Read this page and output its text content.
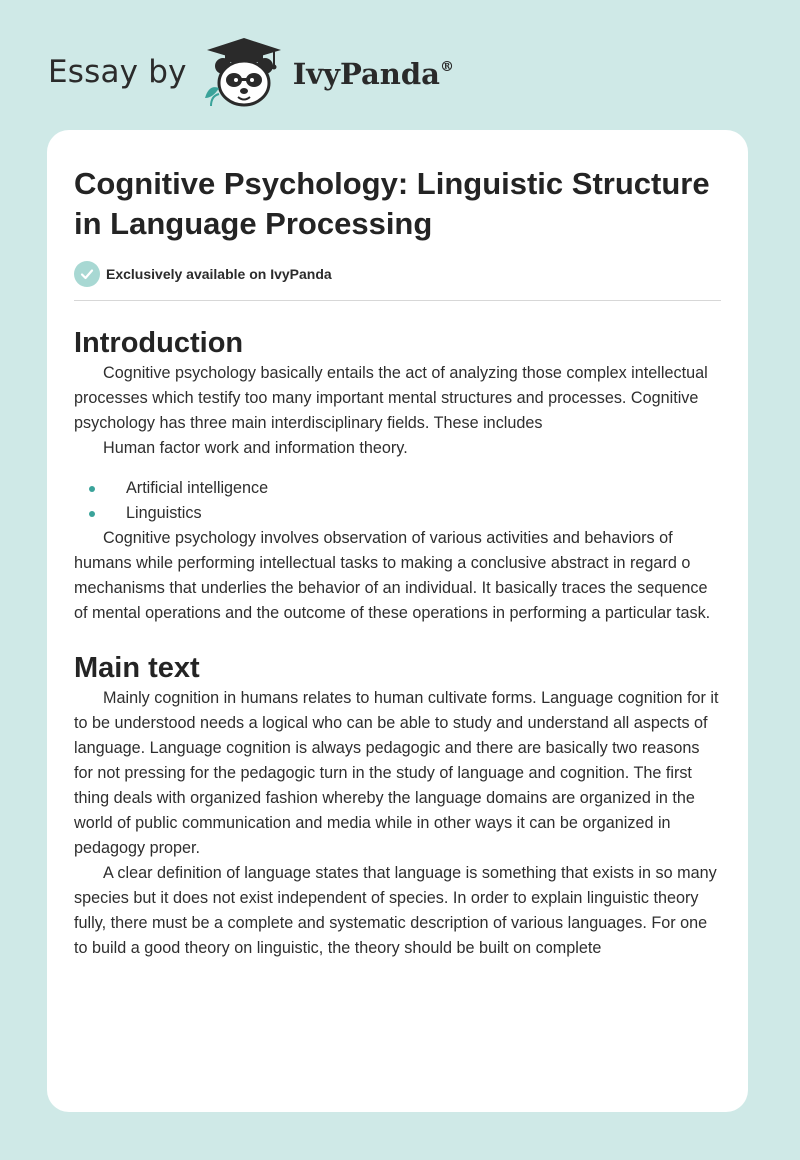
Essay by	IvyPanda®
Cognitive Psychology: Linguistic Structure in Language Processing
Exclusively available on IvyPanda
Introduction

Cognitive psychology basically entails the act of analyzing those complex intellectual processes which testify too many important mental structures and processes. Cognitive psychology has three main interdisciplinary fields. These includes

Human factor work and information theory.

Artificial intelligence
Linguistics

Cognitive psychology involves observation of various activities and behaviors of humans while performing intellectual tasks to making a conclusive abstract in regard o mechanisms that underlies the behavior of an individual. It basically traces the sequence of mental operations and the outcome of these operations in performing a particular task.

Main text

Mainly cognition in humans relates to human cultivate forms. Language cognition for it to be understood needs a logical who can be able to study and understand all aspects of language. Language cognition is always pedagogic and there are basically two reasons for not pressing for the pedagogic turn in the study of language and cognition. The first thing deals with organized fashion whereby the language domains are organized in the world of public communication and media while in other ways it can be organized in pedagogy proper.

A clear definition of language states that language is something that exists in so many species but it does not exist independent of species. In order to explain linguistic theory fully, there must be a complete and systematic description of various languages. For one to build a good theory on linguistic, the theory should be built on complete
